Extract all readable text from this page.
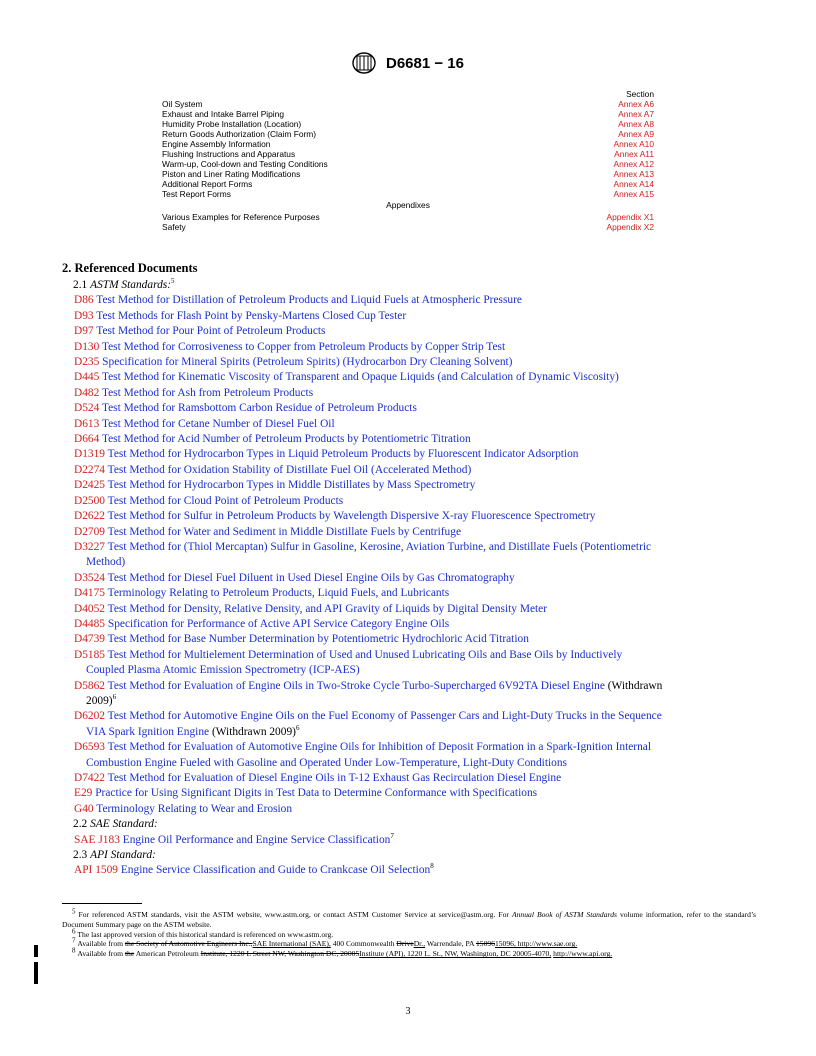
D6681 − 16
Section
Oil System	Annex A6
Exhaust and Intake Barrel Piping	Annex A7
Humidity Probe Installation (Location)	Annex A8
Return Goods Authorization (Claim Form)	Annex A9
Engine Assembly Information	Annex A10
Flushing Instructions and Apparatus	Annex A11
Warm-up, Cool-down and Testing Conditions	Annex A12
Piston and Liner Rating Modifications	Annex A13
Additional Report Forms	Annex A14
Test Report Forms	Annex A15
Appendixes
Various Examples for Reference Purposes	Appendix X1
Safety	Appendix X2
2. Referenced Documents
2.1 ASTM Standards:$^5$
D86 Test Method for Distillation of Petroleum Products and Liquid Fuels at Atmospheric Pressure
D93 Test Methods for Flash Point by Pensky-Martens Closed Cup Tester
D97 Test Method for Pour Point of Petroleum Products
D130 Test Method for Corrosiveness to Copper from Petroleum Products by Copper Strip Test
D235 Specification for Mineral Spirits (Petroleum Spirits) (Hydrocarbon Dry Cleaning Solvent)
D445 Test Method for Kinematic Viscosity of Transparent and Opaque Liquids (and Calculation of Dynamic Viscosity)
D482 Test Method for Ash from Petroleum Products
D524 Test Method for Ramsbottom Carbon Residue of Petroleum Products
D613 Test Method for Cetane Number of Diesel Fuel Oil
D664 Test Method for Acid Number of Petroleum Products by Potentiometric Titration
D1319 Test Method for Hydrocarbon Types in Liquid Petroleum Products by Fluorescent Indicator Adsorption
D2274 Test Method for Oxidation Stability of Distillate Fuel Oil (Accelerated Method)
D2425 Test Method for Hydrocarbon Types in Middle Distillates by Mass Spectrometry
D2500 Test Method for Cloud Point of Petroleum Products
D2622 Test Method for Sulfur in Petroleum Products by Wavelength Dispersive X-ray Fluorescence Spectrometry
D2709 Test Method for Water and Sediment in Middle Distillate Fuels by Centrifuge
D3227 Test Method for (Thiol Mercaptan) Sulfur in Gasoline, Kerosine, Aviation Turbine, and Distillate Fuels (Potentiometric
Method)
D3524 Test Method for Diesel Fuel Diluent in Used Diesel Engine Oils by Gas Chromatography
D4175 Terminology Relating to Petroleum Products, Liquid Fuels, and Lubricants
D4052 Test Method for Density, Relative Density, and API Gravity of Liquids by Digital Density Meter
D4485 Specification for Performance of Active API Service Category Engine Oils
D4739 Test Method for Base Number Determination by Potentiometric Hydrochloric Acid Titration
D5185 Test Method for Multielement Determination of Used and Unused Lubricating Oils and Base Oils by Inductively
Coupled Plasma Atomic Emission Spectrometry (ICP-AES)
D5862 Test Method for Evaluation of Engine Oils in Two-Stroke Cycle Turbo-Supercharged 6V92TA Diesel Engine (Withdrawn
2009)$^6$
D6202 Test Method for Automotive Engine Oils on the Fuel Economy of Passenger Cars and Light-Duty Trucks in the Sequence
VIA Spark Ignition Engine (Withdrawn 2009)$^6$
D6593 Test Method for Evaluation of Automotive Engine Oils for Inhibition of Deposit Formation in a Spark-Ignition Internal
Combustion Engine Fueled with Gasoline and Operated Under Low-Temperature, Light-Duty Conditions
D7422 Test Method for Evaluation of Diesel Engine Oils in T-12 Exhaust Gas Recirculation Diesel Engine
E29 Practice for Using Significant Digits in Test Data to Determine Conformance with Specifications
G40 Terminology Relating to Wear and Erosion
2.2 SAE Standard:
SAE J183 Engine Oil Performance and Engine Service Classification$^7$
2.3 API Standard:
API 1509 Engine Service Classification and Guide to Crankcase Oil Selection$^8$
$^5$ For referenced ASTM standards, visit the ASTM website, www.astm.org, or contact ASTM Customer Service at service@astm.org. For Annual Book of ASTM Standards volume information, refer to the standard’s Document Summary page on the ASTM website.
$^6$ The last approved version of this historical standard is referenced on www.astm.org.
$^7$ Available from the Society of Automotive Engineers Inc.,SAE International (SAE), 400 Commonwealth DriveDr., Warrendale, PA 1509615096, http://www.sae.org.
$^8$ Available from the American Petroleum Institute, 1220 L Street NW, Washington DC, 20005Institute (API), 1220 L. St., NW, Washington, DC 20005-4070, http://www.api.org.
3
